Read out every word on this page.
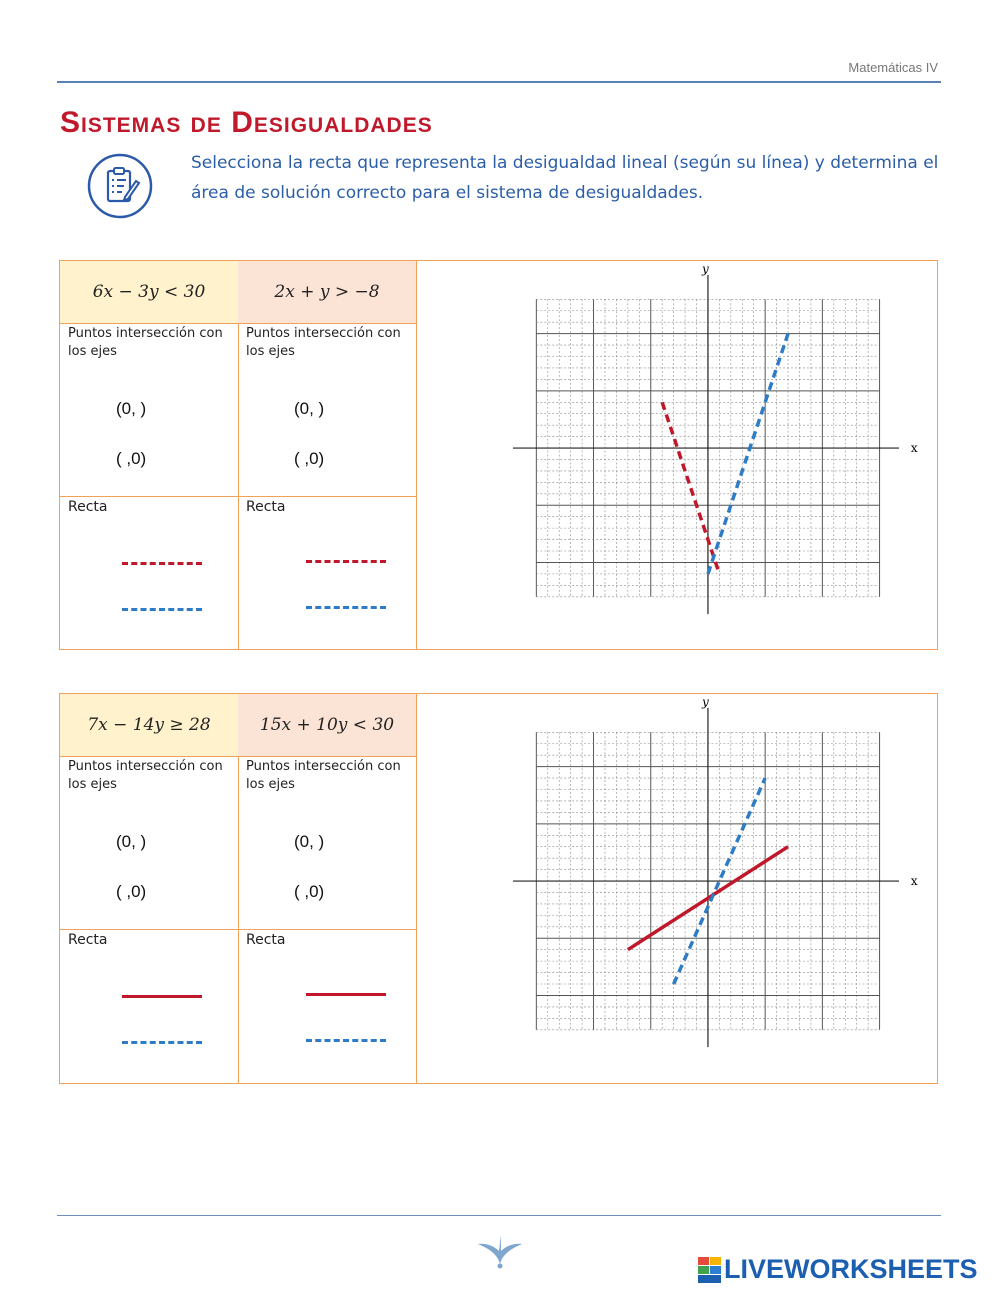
Matemáticas IV
Sistemas de Desigualdades

Selecciona la recta que representa la desigualdad lineal (según su línea) y determina el área de solución correcto para el sistema de desigualdades.

6x − 3y < 30
Puntos intersección con los ejes
(0, )
( ,0)
Recta
2x + y > −8
Puntos intersección con los ejes
(0, )
( ,0)
Recta
x
y
7x − 14y ≥ 28
Puntos intersección con los ejes
(0, )
( ,0)
Recta
15x + 10y < 30
Puntos intersección con los ejes
(0, )
( ,0)
Recta
x
y
LIVEWORKSHEETS
